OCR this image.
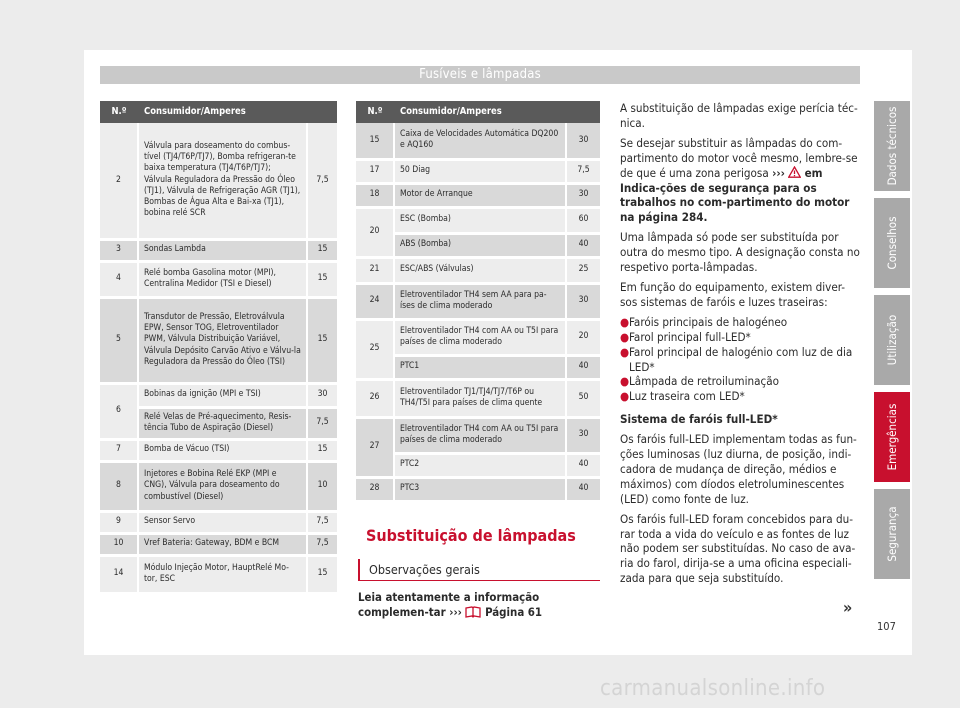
Fusíveis e lâmpadas
N.º	Consumidor/Amperes	
2	Válvula para doseamento do combus-tível (TJ4/T6P/TJ7), Bomba refrigeran-te baixa temperatura (TJ4/T6P/TJ7); Válvula Reguladora da Pressão do Óleo (TJ1), Válvula de Refrigeração AGR (TJ1), Bombas de Água Alta e Bai-xa (TJ1), bobina relé SCR	7,5
3	Sondas Lambda	15
4	Relé bomba Gasolina motor (MPI), Centralina Medidor (TSI e Diesel)	15
5	Transdutor de Pressão, Eletroválvula EPW, Sensor TOG, Eletroventilador PWM, Válvula Distribuição Variável, Válvula Depósito Carvão Ativo e Válvu-la Reguladora da Pressão do Óleo (TSI)	15
6	Bobinas da ignição (MPI e TSI)	30
	Relé Velas de Pré-aquecimento, Resis-tência Tubo de Aspiração (Diesel)	7,5
7	Bomba de Vácuo (TSI)	15
8	Injetores e Bobina Relé EKP (MPI e CNG), Válvula para doseamento do combustível (Diesel)	10
9	Sensor Servo	7,5
10	Vref Bateria: Gateway, BDM e BCM	7,5
14	Módulo Injeção Motor, HauptRelé Mo-tor, ESC	15
N.º	Consumidor/Amperes	
15	Caixa de Velocidades Automática DQ200 e AQ160	30
17	50 Diag	7,5
18	Motor de Arranque	30
20	ESC (Bomba)	60
	ABS (Bomba)	40
21	ESC/ABS (Válvulas)	25
24	Eletroventilador TH4 sem AA para pa-íses de clima moderado	30
25	Eletroventilador TH4 com AA ou T5I para países de clima moderado	20
	PTC1	40
26	Eletroventilador TJ1/TJ4/TJ7/T6P ou TH4/T5I para países de clima quente	50
27	Eletroventilador TH4 com AA ou T5I para países de clima moderado	30
	PTC2	40
28	PTC3	40
Substituição de lâmpadas
Observações gerais
Leia atentamente a informação complemen-tar ››› Página 61

A substituição de lâmpadas exige perícia téc-nica.

Se desejar substituir as lâmpadas do com-partimento do motor você mesmo, lembre-se de que é uma zona perigosa ››› em Indica-ções de segurança para os trabalhos no com-partimento do motor na página 284.

Uma lâmpada só pode ser substituída por outra do mesmo tipo. A designação consta no respetivo porta-lâmpadas.

Em função do equipamento, existem diver-sos sistemas de faróis e luzes traseiras:

● Faróis principais de halogéneo
● Farol principal full-LED*
● Farol principal de halogénio com luz de dia LED*
● Lâmpada de retroiluminação
● Luz traseira com LED*

Sistema de faróis full-LED*

Os faróis full-LED implementam todas as fun-ções luminosas (luz diurna, de posição, indi-cadora de mudança de direção, médios e máximos) com díodos eletroluminescentes (LED) como fonte de luz.

Os faróis full-LED foram concebidos para du-rar toda a vida do veículo e as fontes de luz não podem ser substituídas. No caso de ava-ria do farol, dirija-se a uma oficina especiali-zada para que seja substituído.

Dados técnicos
Conselhos
Utilização
Emergências
Segurança
»
107
carmanualsonline.info
